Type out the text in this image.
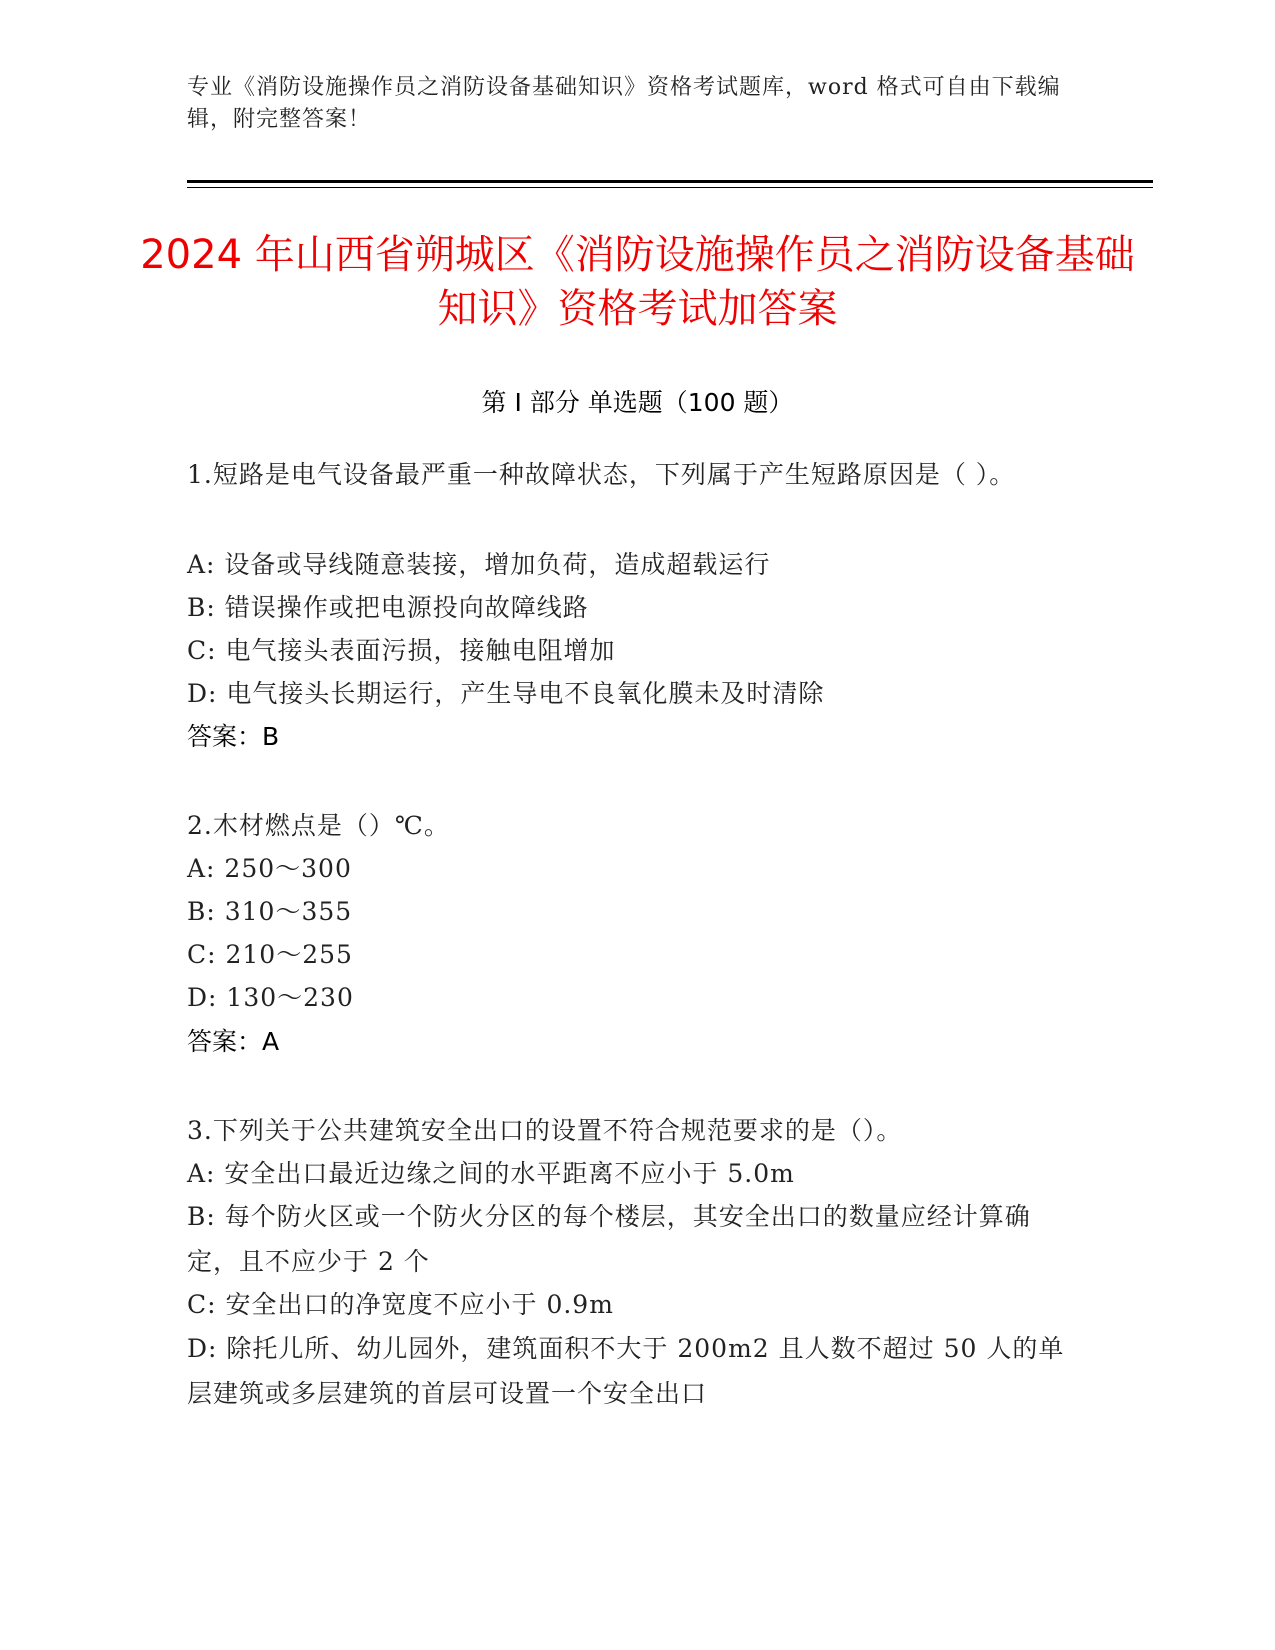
专业《消防设施操作员之消防设备基础知识》资格考试题库，word 格式可自由下载编辑，附完整答案！
2024 年山西省朔城区《消防设施操作员之消防设备基础知识》资格考试加答案
第 I 部分 单选题（100 题）
1.短路是电气设备最严重一种故障状态，下列属于产生短路原因是（ ）。
A: 设备或导线随意装接，增加负荷，造成超载运行
B: 错误操作或把电源投向故障线路
C: 电气接头表面污损，接触电阻增加
D: 电气接头长期运行，产生导电不良氧化膜未及时清除
答案：B
2.木材燃点是（）℃。
A: 250～300
B: 310～355
C: 210～255
D: 130～230
答案：A
3.下列关于公共建筑安全出口的设置不符合规范要求的是（）。
A: 安全出口最近边缘之间的水平距离不应小于 5.0m
B: 每个防火区或一个防火分区的每个楼层，其安全出口的数量应经计算确定，且不应少于 2 个
C: 安全出口的净宽度不应小于 0.9m
D: 除托儿所、幼儿园外，建筑面积不大于 200m2 且人数不超过 50 人的单层建筑或多层建筑的首层可设置一个安全出口
